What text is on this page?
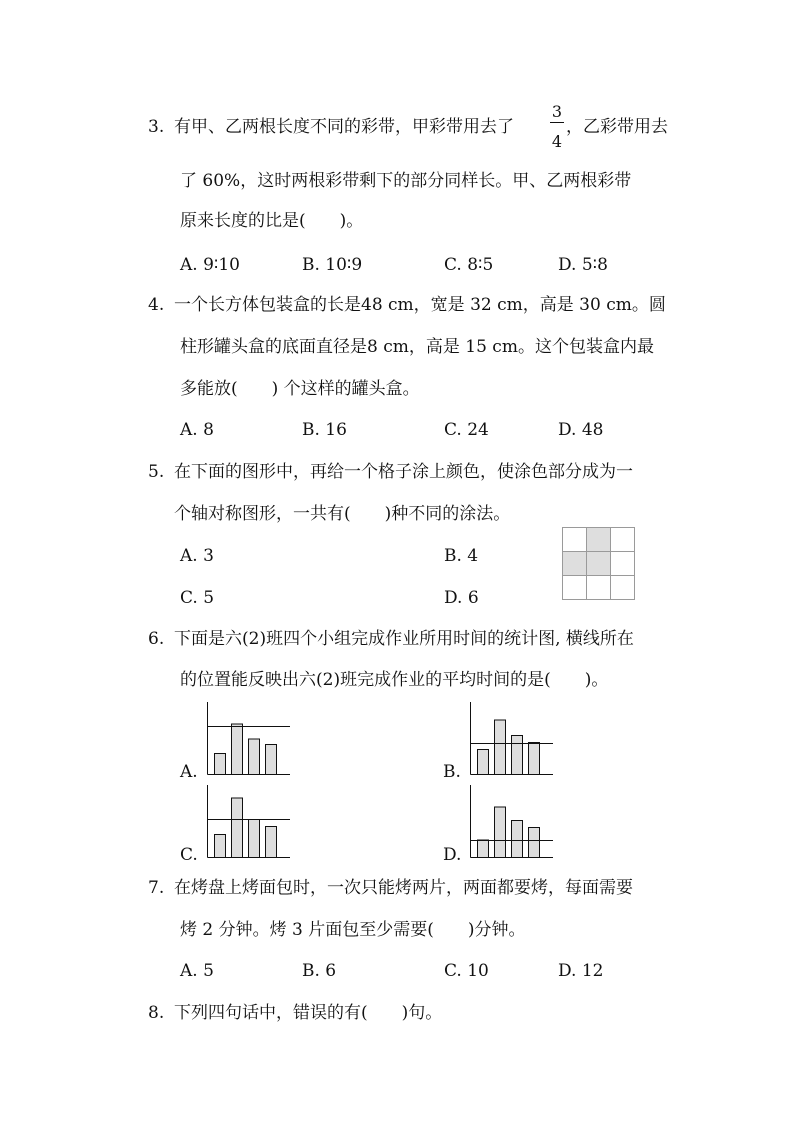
3. 有甲、乙两根长度不同的彩带，甲彩带用去了
3
4
，乙彩带用去
了 60%，这时两根彩带剩下的部分同样长。甲、乙两根彩带
原来长度的比是(　　)。
A. 9∶10	B. 10∶9	C. 8∶5	D. 5∶8
4. 一个长方体包装盒的长是48 cm，宽是 32 cm，高是 30 cm。圆
柱形罐头盒的底面直径是8 cm，高是 15 cm。这个包装盒内最
多能放(　　) 个这样的罐头盒。
A. 8	B. 16	C. 24	D. 48
5. 在下面的图形中，再给一个格子涂上颜色，使涂色部分成为一
个轴对称图形，一共有(　　)种不同的涂法。
A. 3	B. 4
C. 5	D. 6
6. 下面是六(2)班四个小组完成作业所用时间的统计图, 横线所在
的位置能反映出六(2)班完成作业的平均时间的是(　　)。
A.	B.
C.	D.
7. 在烤盘上烤面包时，一次只能烤两片，两面都要烤，每面需要
烤 2 分钟。烤 3 片面包至少需要(　　)分钟。
A. 5	B. 6	C. 10	D. 12
8. 下列四句话中，错误的有(　　)句。
